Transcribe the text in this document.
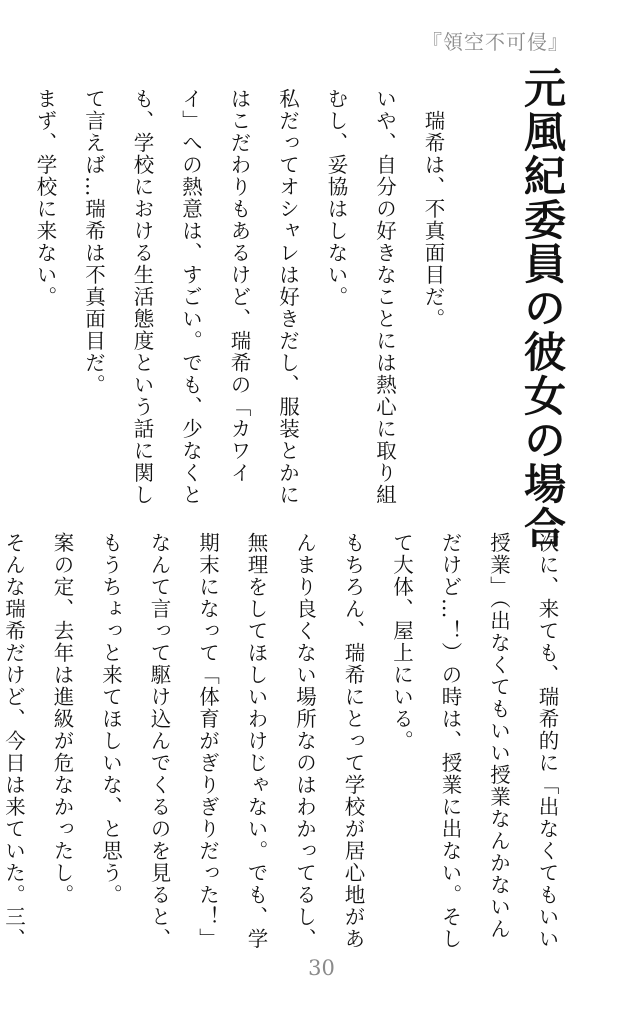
『領空不可侵』

元風紀委員の彼女の場合

　瑞希は、不真面目だ。

いや、自分の好きなことには熱心に取り組

むし、妥協はしない。

私だってオシャレは好きだし、服装とかに

はこだわりもあるけど、瑞希の「カワイ

イ」への熱意は、すごい。でも、少なくと

も、学校における生活態度という話に関し

て言えば…瑞希は不真面目だ。

まず、学校に来ない。

次に、来ても、瑞希的に「出なくてもいい

授業」（出なくてもいい授業なんかないん

だけど…！）の時は、授業に出ない。そし

て大体、屋上にいる。

もちろん、瑞希にとって学校が居心地があ

んまり良くない場所なのはわかってるし、

無理をしてほしいわけじゃない。でも、学

期末になって「体育がぎりぎりだった！」

なんて言って駆け込んでくるのを見ると、

もうちょっと来てほしいな、と思う。

案の定、去年は進級が危なかったし。

そんな瑞希だけど、今日は来ていた。三、

30
